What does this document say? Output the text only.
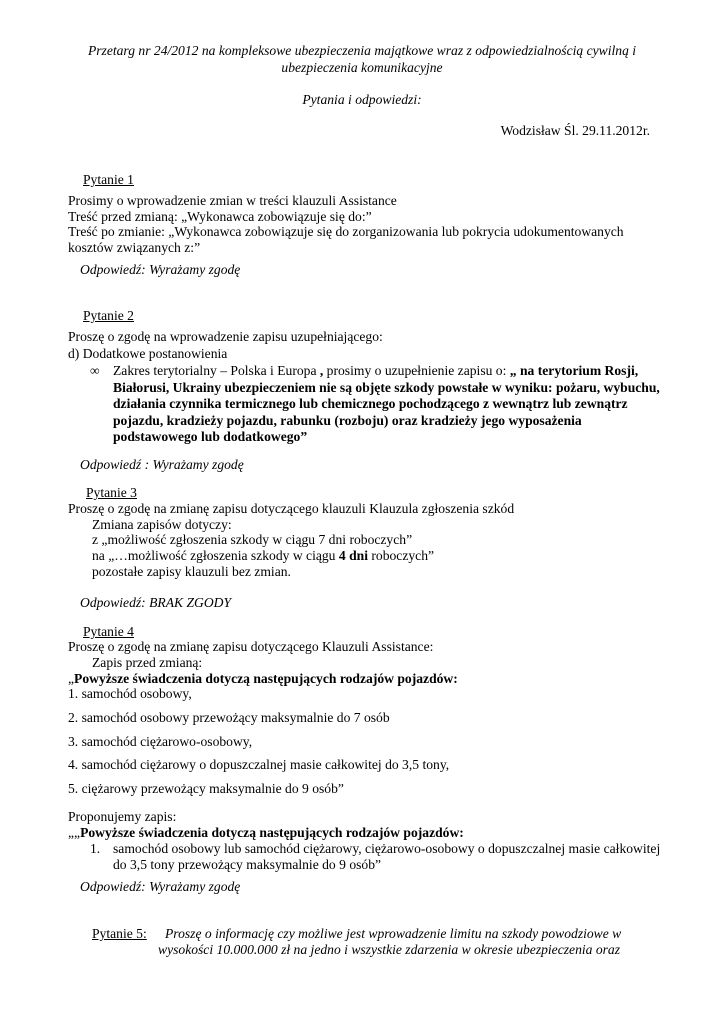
Przetarg nr 24/2012 na kompleksowe ubezpieczenia majątkowe wraz z odpowiedzialnością cywilną i
ubezpieczenia komunikacyjne
Pytania i odpowiedzi:
Wodzisław Śl. 29.11.2012r.
Pytanie 1
Prosimy o wprowadzenie zmian w treści klauzuli Assistance
Treść przed zmianą: „Wykonawca zobowiązuje się do:”
Treść po zmianie: „Wykonawca zobowiązuje się do zorganizowania lub pokrycia udokumentowanych
kosztów związanych z:”
Odpowiedź: Wyrażamy zgodę
Pytanie 2
Proszę o zgodę na wprowadzenie zapisu uzupełniającego:
d) Dodatkowe postanowienia
∞ Zakres terytorialny – Polska i Europa , prosimy o uzupełnienie zapisu o: „ na terytorium Rosji,
Białorusi, Ukrainy ubezpieczeniem nie są objęte szkody powstałe w wyniku: pożaru, wybuchu,
działania czynnika termicznego lub chemicznego pochodzącego z wewnątrz lub zewnątrz
pojazdu, kradzieży pojazdu, rabunku (rozboju) oraz kradzieży jego wyposażenia
podstawowego lub dodatkowego”
Odpowiedź : Wyrażamy zgodę
Pytanie 3
Proszę o zgodę na zmianę zapisu dotyczącego klauzuli Klauzula zgłoszenia szkód
Zmiana zapisów dotyczy:
z „możliwość zgłoszenia szkody w ciągu 7 dni roboczych”
na „…możliwość zgłoszenia szkody w ciągu 4 dni roboczych”
pozostałe zapisy klauzuli bez zmian.
Odpowiedź: BRAK ZGODY
Pytanie 4
Proszę o zgodę na zmianę zapisu dotyczącego Klauzuli Assistance:
Zapis przed zmianą:
„Powyższe świadczenia dotyczą następujących rodzajów pojazdów:
1. samochód osobowy,
2. samochód osobowy przewożący maksymalnie do 7 osób
3. samochód ciężarowo-osobowy,
4. samochód ciężarowy o dopuszczalnej masie całkowitej do 3,5 tony,
5. ciężarowy przewożący maksymalnie do 9 osób”
Proponujemy zapis:
„„Powyższe świadczenia dotyczą następujących rodzajów pojazdów:
1. samochód osobowy lub samochód ciężarowy, ciężarowo-osobowy o dopuszczalnej masie całkowitej
do 3,5 tony przewożący maksymalnie do 9 osób”
Odpowiedź: Wyrażamy zgodę
Pytanie 5: Proszę o informację czy możliwe jest wprowadzenie limitu na szkody powodziowe w
wysokości 10.000.000 zł na jedno i wszystkie zdarzenia w okresie ubezpieczenia oraz
